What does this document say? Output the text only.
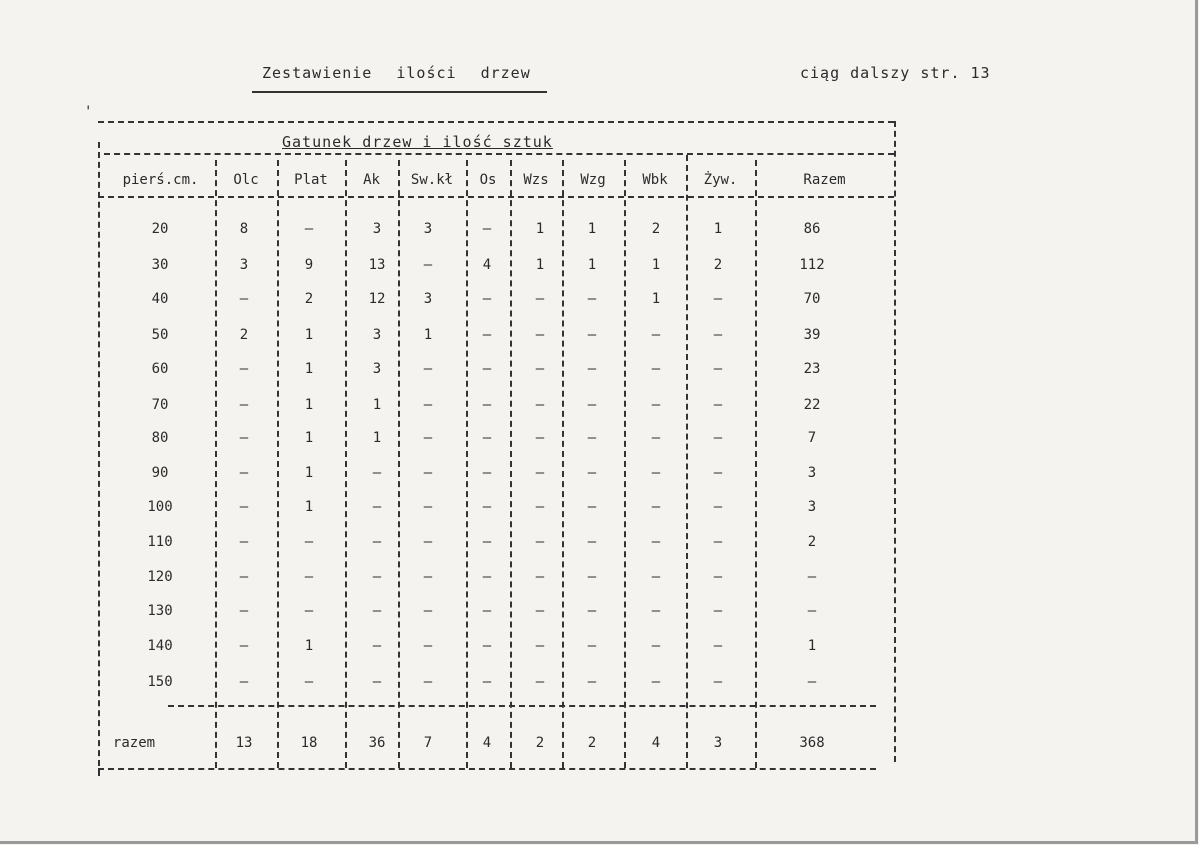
Zestawienie ilości drzew	ciąg dalszy str. 13
'
Gatunek drzew i ilość sztuk
pierś.cm.	Olc	Plat	Ak	Sw.kł	Os	Wzs	Wzg	Wbk	Żyw.	Razem
20	8	–	3	3	–	1	1	2	1	86
30	3	9	13	–	4	1	1	1	2	112
40	–	2	12	3	–	–	–	1	–	70
50	2	1	3	1	–	–	–	–	–	39
60	–	1	3	–	–	–	–	–	–	23
70	–	1	1	–	–	–	–	–	–	22
80	–	1	1	–	–	–	–	–	–	7
90	–	1	–	–	–	–	–	–	–	3
100	–	1	–	–	–	–	–	–	–	3
110	–	–	–	–	–	–	–	–	–	2
120	–	–	–	–	–	–	–	–	–	–
130	–	–	–	–	–	–	–	–	–	–
140	–	1	–	–	–	–	–	–	–	1
150	–	–	–	–	–	–	–	–	–	–
razem	13	18	36	7	4	2	2	4	3	368
